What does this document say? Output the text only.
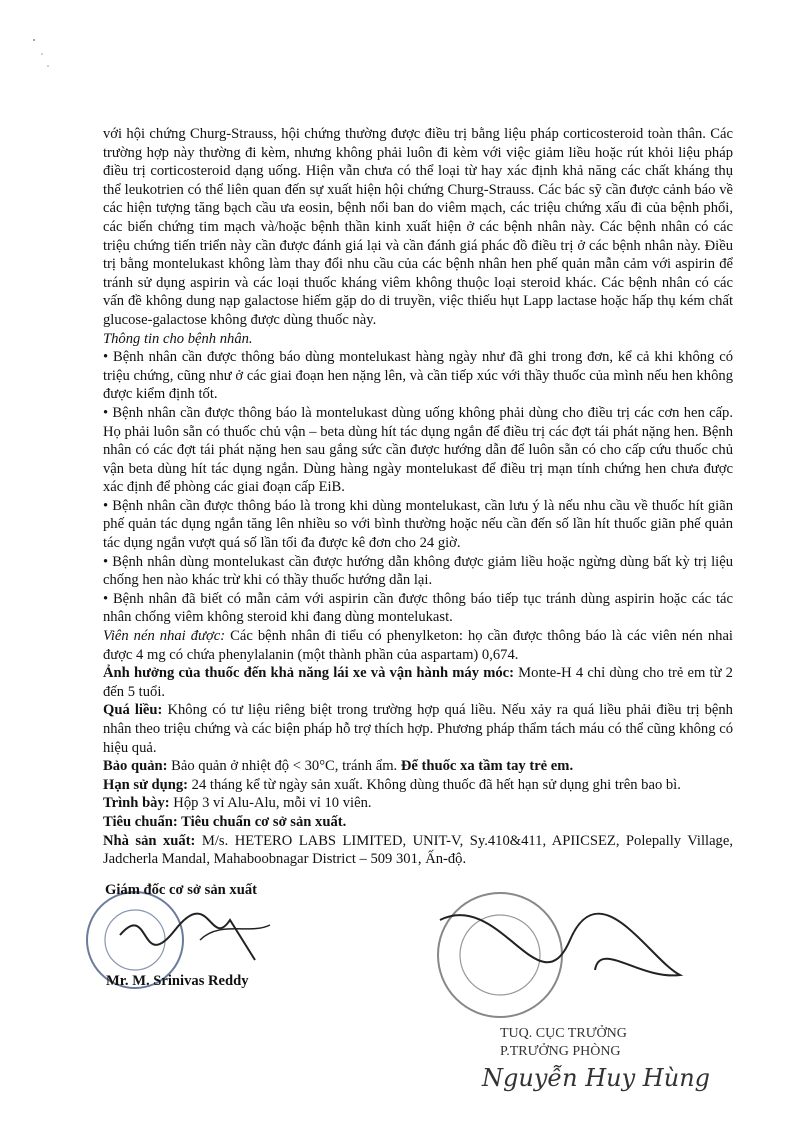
với hội chứng Churg-Strauss, hội chứng thường được điều trị bằng liệu pháp corticosteroid toàn thân. Các trường hợp này thường đi kèm, nhưng không phải luôn đi kèm với việc giảm liều hoặc rút khỏi liệu pháp điều trị corticosteroid dạng uống. Hiện vẫn chưa có thể loại từ hay xác định khả năng các chất kháng thụ thể leukotrien có thể liên quan đến sự xuất hiện hội chứng Churg-Strauss. Các bác sỹ cần được cảnh báo về các hiện tượng tăng bạch cầu ưa eosin, bệnh nổi ban do viêm mạch, các triệu chứng xấu đi của bệnh phổi, các biến chứng tim mạch và/hoặc bệnh thần kinh xuất hiện ở các bệnh nhân này. Các bệnh nhân có các triệu chứng tiến triển này cần được đánh giá lại và cần đánh giá phác đồ điều trị ở các bệnh nhân này. Điều trị bằng montelukast không làm thay đổi nhu cầu của các bệnh nhân hen phế quản mẫn cảm với aspirin để tránh sử dụng aspirin và các loại thuốc kháng viêm không thuộc loại steroid khác. Các bệnh nhân có các vấn đề không dung nạp galactose hiếm gặp do di truyền, việc thiếu hụt Lapp lactase hoặc hấp thụ kém chất glucose-galactose không được dùng thuốc này.

Thông tin cho bệnh nhân.

• Bệnh nhân cần được thông báo dùng montelukast hàng ngày như đã ghi trong đơn, kể cả khi không có triệu chứng, cũng như ở các giai đoạn hen nặng lên, và cần tiếp xúc với thầy thuốc của mình nếu hen không được kiểm định tốt.

• Bệnh nhân cần được thông báo là montelukast dùng uống không phải dùng cho điều trị các cơn hen cấp. Họ phải luôn sẵn có thuốc chủ vận – beta dùng hít tác dụng ngắn để điều trị các đợt tái phát nặng hen. Bệnh nhân có các đợt tái phát nặng hen sau gắng sức cần được hướng dẫn để luôn sẵn có cho cấp cứu thuốc chủ vận beta dùng hít tác dụng ngắn. Dùng hàng ngày montelukast để điều trị mạn tính chứng hen chưa được xác định để phòng các giai đoạn cấp EiB.

• Bệnh nhân cần được thông báo là trong khi dùng montelukast, cần lưu ý là nếu nhu cầu về thuốc hít giãn phế quản tác dụng ngắn tăng lên nhiều so với bình thường hoặc nếu cần đến số lần hít thuốc giãn phế quản tác dụng ngắn vượt quá số lần tối đa được kê đơn cho 24 giờ.

• Bệnh nhân dùng montelukast cần được hướng dẫn không được giảm liều hoặc ngừng dùng bất kỳ trị liệu chống hen nào khác trừ khi có thầy thuốc hướng dẫn lại.

• Bệnh nhân đã biết có mẫn cảm với aspirin cần được thông báo tiếp tục tránh dùng aspirin hoặc các tác nhân chống viêm không steroid khi đang dùng montelukast.

Viên nén nhai được: Các bệnh nhân đi tiểu có phenylketon: họ cần được thông báo là các viên nén nhai được 4 mg có chứa phenylalanin (một thành phần của aspartam) 0,674.

Ảnh hưởng của thuốc đến khả năng lái xe và vận hành máy móc: Monte-H 4 chỉ dùng cho trẻ em từ 2 đến 5 tuổi.

Quá liều: Không có tư liệu riêng biệt trong trường hợp quá liều. Nếu xảy ra quá liều phải điều trị bệnh nhân theo triệu chứng và các biện pháp hỗ trợ thích hợp. Phương pháp thẩm tách máu có thể cũng không có hiệu quả.

Bảo quản: Bảo quản ở nhiệt độ < 30°C, tránh ẩm. Để thuốc xa tầm tay trẻ em.

Hạn sử dụng: 24 tháng kể từ ngày sản xuất. Không dùng thuốc đã hết hạn sử dụng ghi trên bao bì.

Trình bày: Hộp 3 vỉ Alu-Alu, mỗi vỉ 10 viên.

Tiêu chuẩn: Tiêu chuẩn cơ sở sản xuất.

Nhà sản xuất: M/s. HETERO LABS LIMITED, UNIT-V, Sy.410&411, APIICSEZ, Polepally Village, Jadcherla Mandal, Mahaboobnagar District – 509 301, Ấn-độ.

Giám đốc cơ sở sản xuất
Mr. M. Srinivas Reddy
TUQ. CỤC TRƯỞNG
P.TRƯỞNG PHÒNG
Nguyễn Huy Hùng
